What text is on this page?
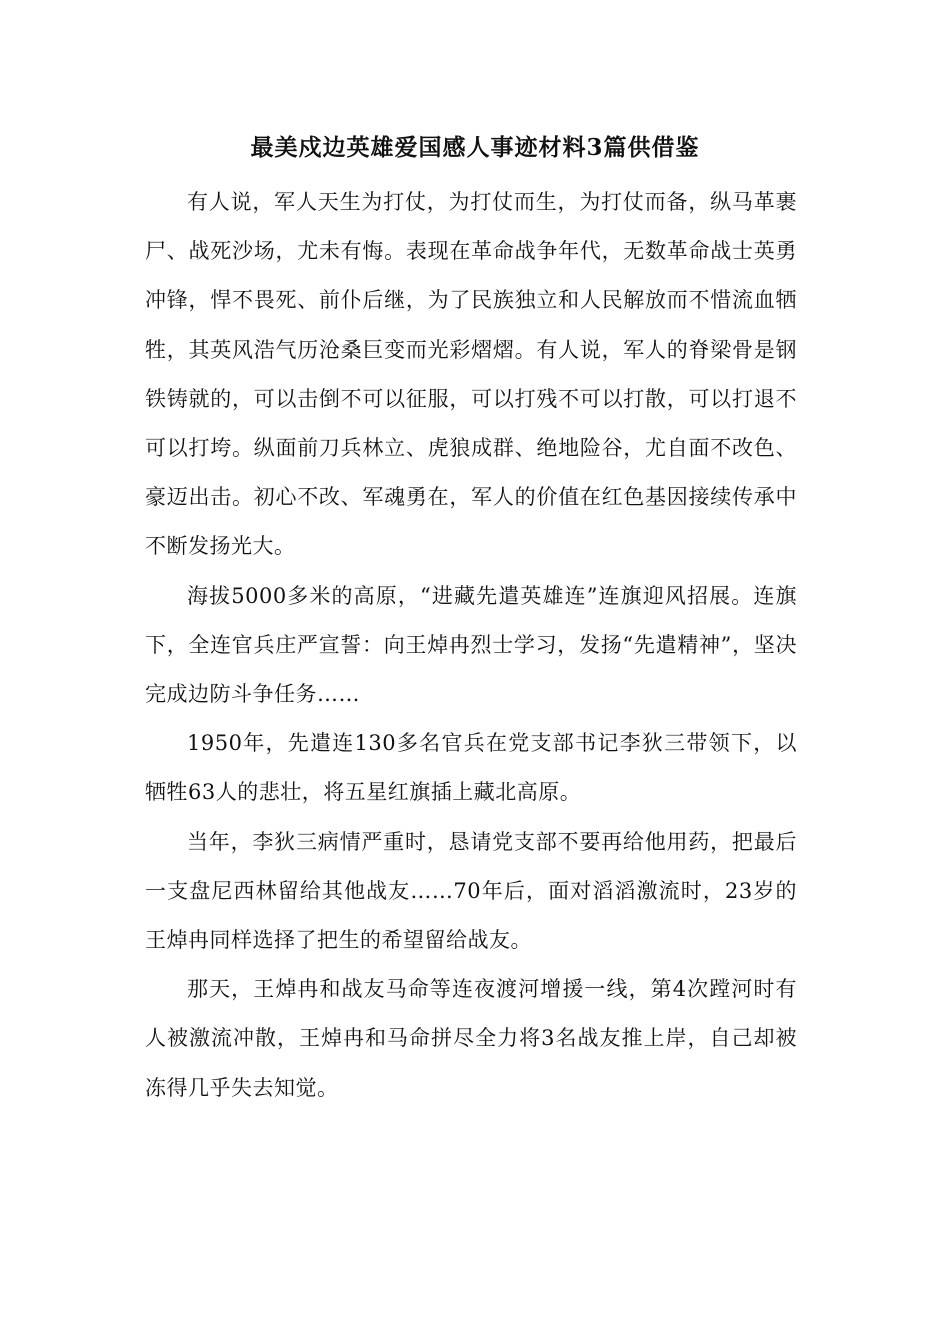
最美戍边英雄爱国感人事迹材料3篇供借鉴

有人说，军人天生为打仗，为打仗而生，为打仗而备，纵马革裹尸、战死沙场，尤未有悔。表现在革命战争年代，无数革命战士英勇冲锋，悍不畏死、前仆后继，为了民族独立和人民解放而不惜流血牺牲，其英风浩气历沧桑巨变而光彩熠熠。有人说，军人的脊梁骨是钢铁铸就的，可以击倒不可以征服，可以打残不可以打散，可以打退不可以打垮。纵面前刀兵林立、虎狼成群、绝地险谷，尤自面不改色、豪迈出击。初心不改、军魂勇在，军人的价值在红色基因接续传承中不断发扬光大。

海拔5000多米的高原，“进藏先遣英雄连”连旗迎风招展。连旗下，全连官兵庄严宣誓：向王焯冉烈士学习，发扬“先遣精神”，坚决完成边防斗争任务……

1950年，先遣连130多名官兵在党支部书记李狄三带领下，以牺牲63人的悲壮，将五星红旗插上藏北高原。

当年，李狄三病情严重时，恳请党支部不要再给他用药，把最后一支盘尼西林留给其他战友……70年后，面对滔滔激流时，23岁的王焯冉同样选择了把生的希望留给战友。

那天，王焯冉和战友马命等连夜渡河增援一线，第4次蹚河时有人被激流冲散，王焯冉和马命拼尽全力将3名战友推上岸，自己却被冻得几乎失去知觉。
